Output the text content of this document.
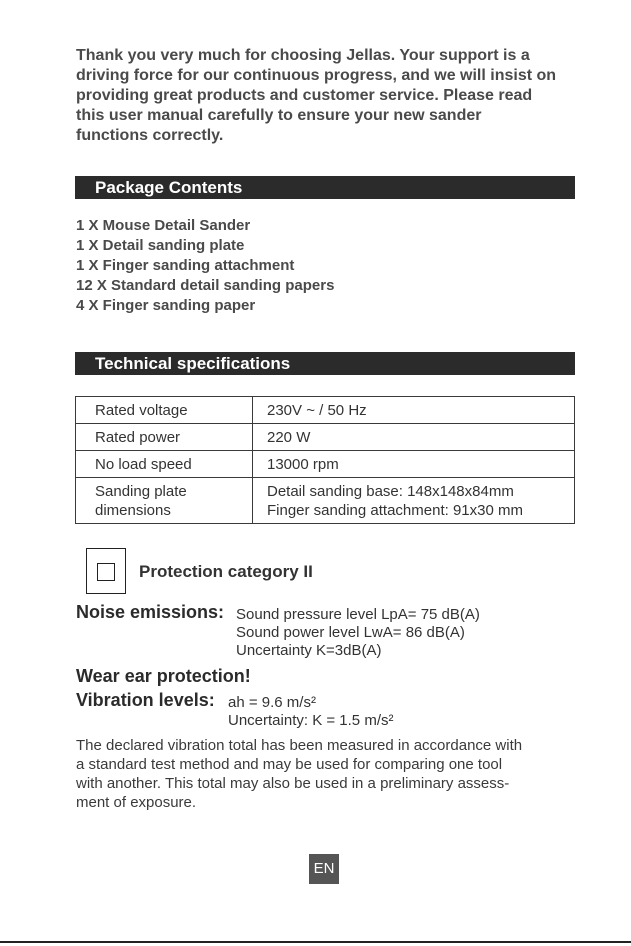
Thank you very much for choosing Jellas. Your support is a

driving force for our continuous progress, and we will insist on

providing great products and customer service. Please read

this user manual carefully to ensure your new sander

functions correctly.

Package Contents
1 X Mouse Detail Sander
1 X Detail sanding plate
1 X Finger sanding attachment
12 X Standard detail sanding papers
4 X Finger sanding paper
Technical specifications
Rated voltage	230V ~ / 50 Hz
Rated power	220 W
No load speed	13000 rpm

Sanding plate
dimensions	Detail sanding base: 148x148x84mm
Finger sanding attachment: 91x30 mm
Protection category II
Noise emissions: Sound pressure level LpA= 75 dB(A)
Sound power level LwA= 86 dB(A)
Uncertainty K=3dB(A)
Wear ear protection!
Vibration levels: ah = 9.6 m/s²
Uncertainty: K = 1.5 m/s²
The declared vibration total has been measured in accordance with
a standard test method and may be used for comparing one tool
with another. This total may also be used in a preliminary assess-
ment of exposure.
EN
